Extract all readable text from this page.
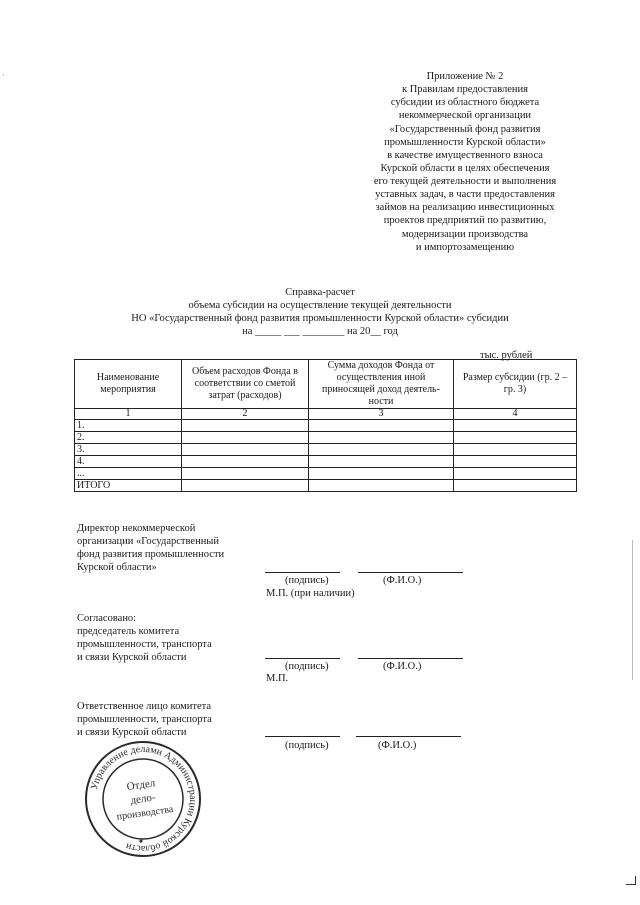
Приложение № 2
к Правилам предоставления
субсидии из областного бюджета
некоммерческой организации
«Государственный фонд развития
промышленности Курской области»
в качестве имущественного взноса
Курской области в целях обеспечения
его текущей деятельности и выполнения
уставных задач, в части предоставления
займов на реализацию инвестиционных
проектов предприятий по развитию,
модернизации производства
и импортозамещению
Справка-расчет
объема субсидии на осуществление текущей деятельности
НО «Государственный фонд развития промышленности Курской области» субсидии
на _____ ___ ________ на 20__ год
тыс. рублей
Наименование мероприятия	Объем расходов Фонда в соответствии со сметой затрат (расходов)	Сумма доходов Фонда от осуществления иной приносящей доход деятель-ности	Размер субсидии (гр. 2 – гр. 3)
1	2	3	4
1.			
2.			
3.			
4.			
...			
ИТОГО			
Директор некоммерческой
организации «Государственный
фонд развития промышленности
Курской области»
(подпись)	(Ф.И.О.)
М.П. (при наличии)
Согласовано:
председатель комитета
промышленности, транспорта
и связи Курской области
(подпись)	(Ф.И.О.)
М.П.
Ответственное лицо комитета
промышленности, транспорта
и связи Курской области
(подпись)	(Ф.И.О.)
Управление делами Администрации Курской области
Отдел
дело-
производства
✦
·
